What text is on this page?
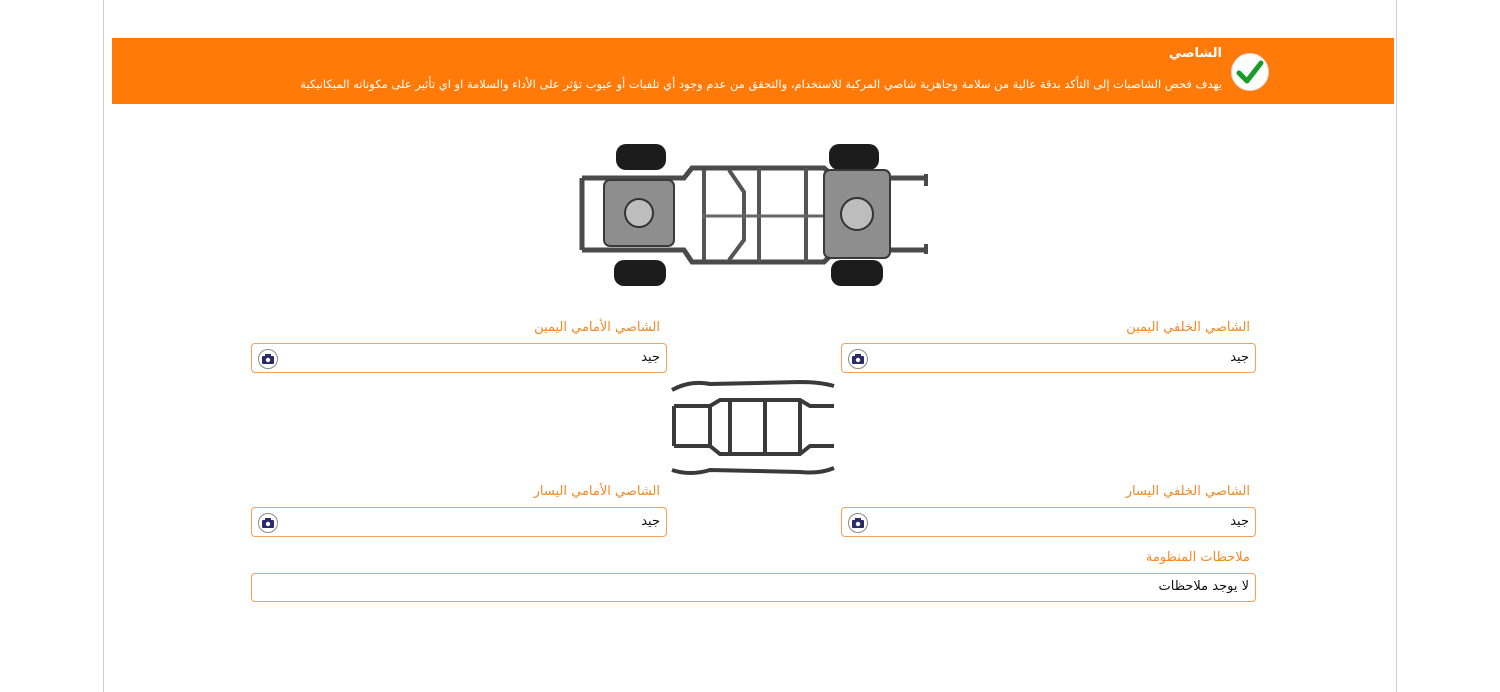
الشاصي
يهدف فحص الشاصيات إلى التأكد بدقة عالية من سلامة وجاهزية شاصي المركبة للاستخدام، والتحقق من عدم وجود أي تلفيات أو عيوب تؤثر على الأداء والسلامة او اي تأثير على مكوناته الميكانيكية
الشاصي الخلفي اليمين
جيد
الشاصي الأمامي اليمين
جيد
الشاصي الخلفي اليسار
جيد
الشاصي الأمامي اليسار
جيد
ملاحظات المنظومة
لا يوجد ملاحظات
